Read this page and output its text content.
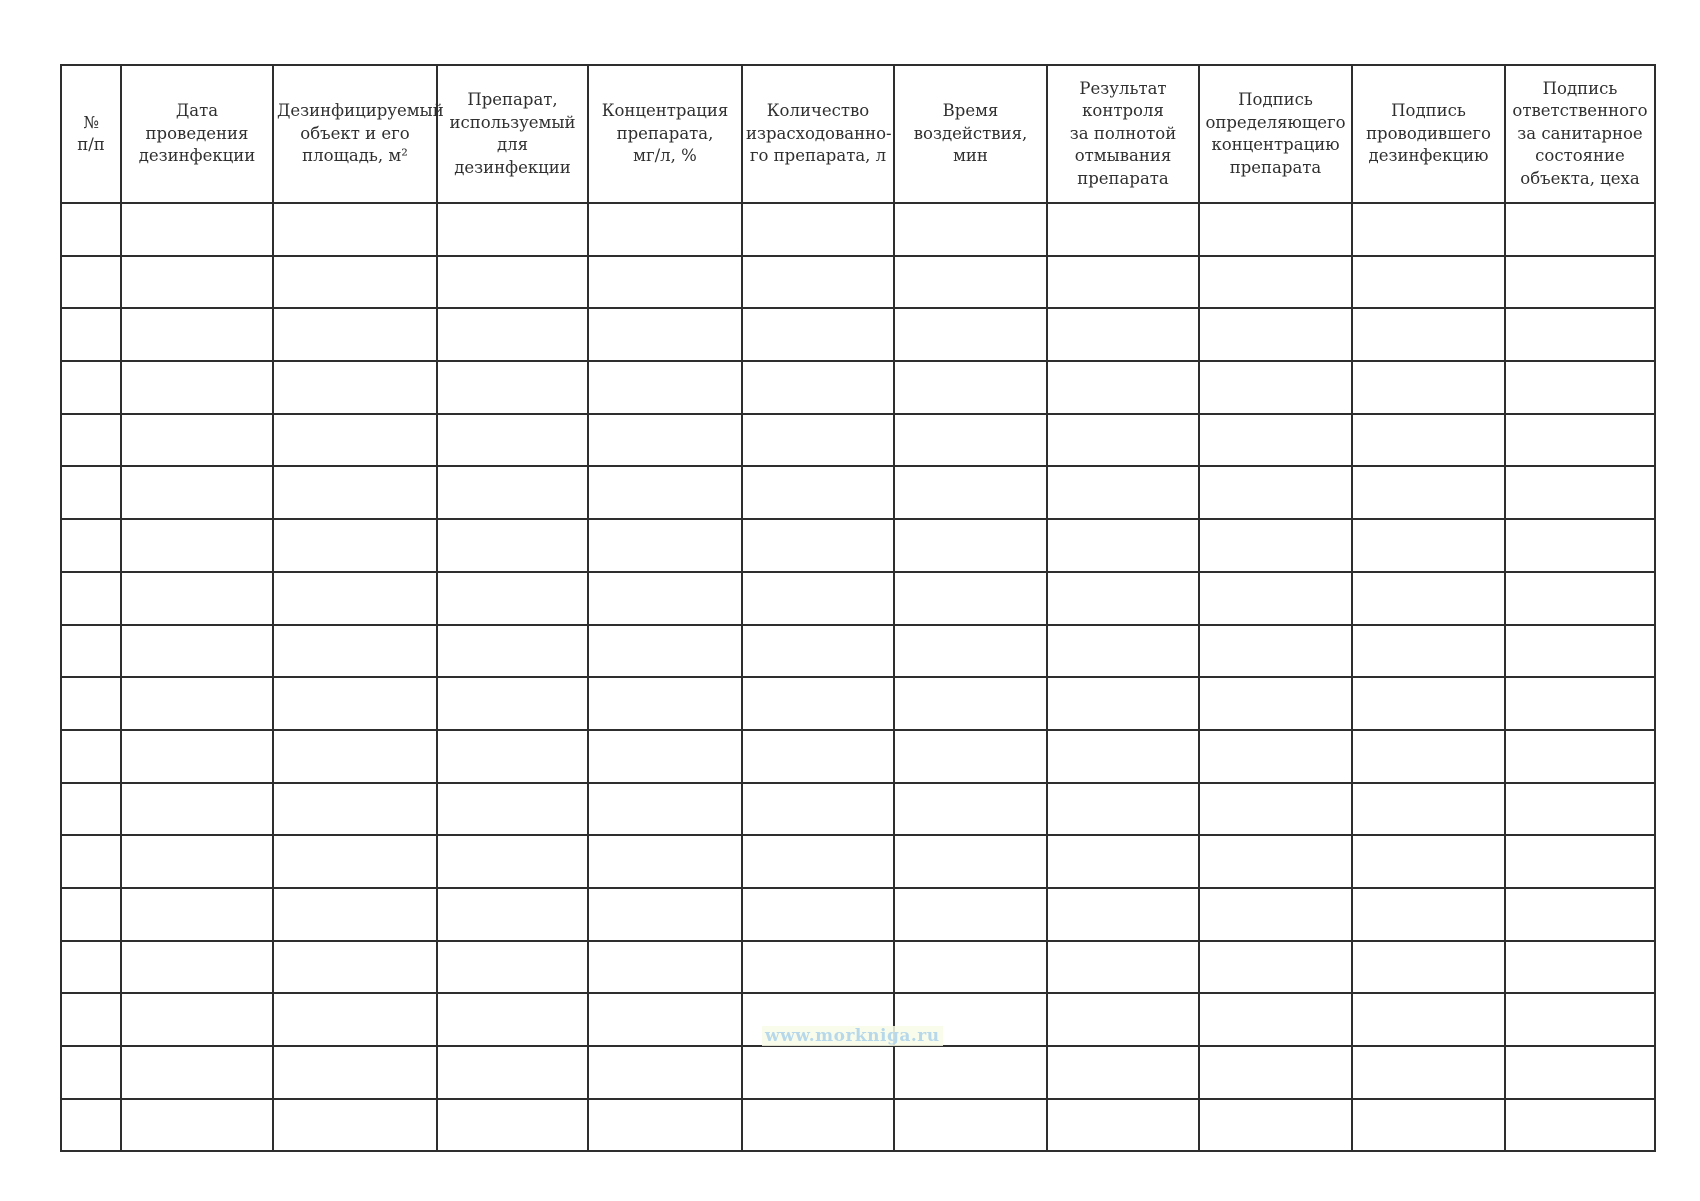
№
п/п	Дата
проведения
дезинфекции	Дезинфицируемый
объект и его
площадь, м²	Препарат,
используемый
для дезинфекции	Концентрация
препарата,
мг/л, %	Количество
израсходованно-
го препарата, л	Время
воздействия, мин	Результат
контроля
за полнотой
отмывания
препарата	Подпись
определяющего
концентрацию
препарата	Подпись
проводившего
дезинфекцию	Подпись
ответственного
за санитарное
состояние
объекта, цеха

www.morkniga.ru
